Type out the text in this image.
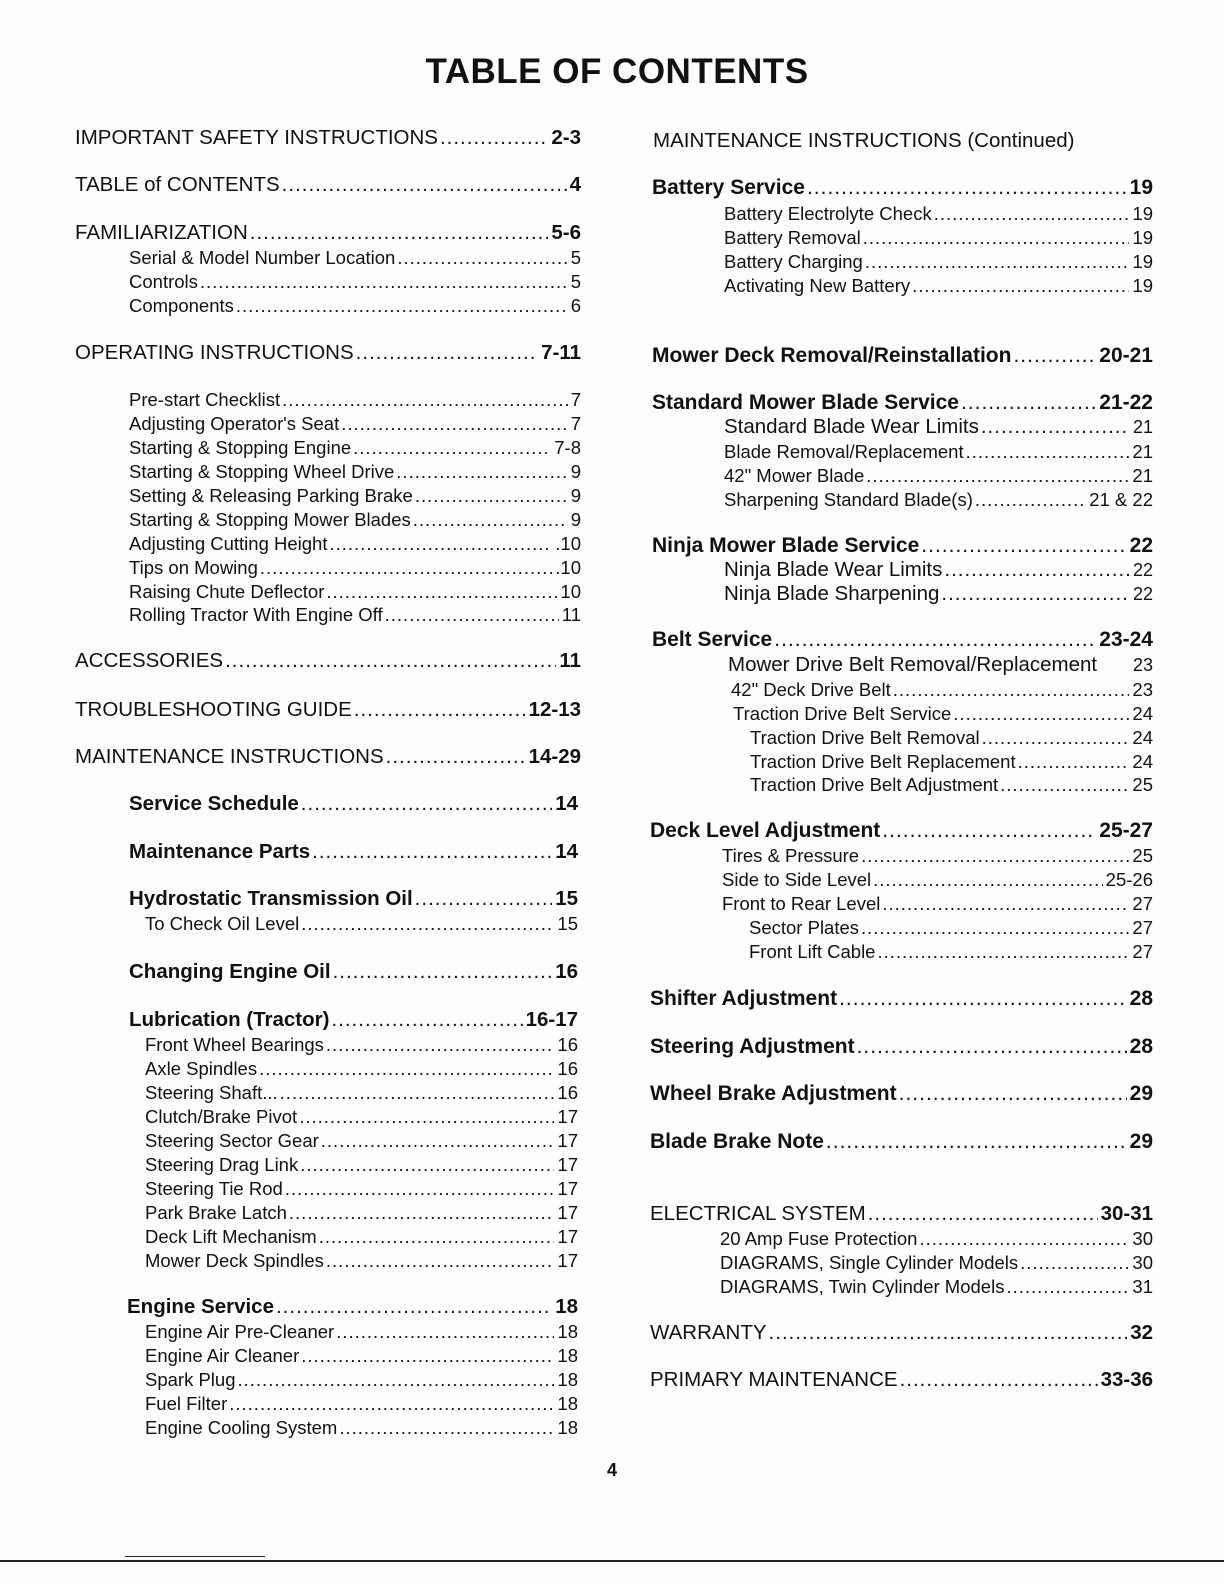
TABLE OF CONTENTS
IMPORTANT SAFETY INSTRUCTIONS .....	2-3
TABLE of CONTENTS .....	4
FAMILIARIZATION .....	5-6
Serial & Model Number Location .....	5
Controls .....	5
Components .....	6
OPERATING INSTRUCTIONS .....	7-11
Pre-start Checklist .....	7
Adjusting Operator's Seat .....	7
Starting & Stopping Engine .....	7-8
Starting & Stopping Wheel Drive .....	9
Setting & Releasing Parking Brake .....	9
Starting & Stopping Mower Blades .....	9
Adjusting Cutting Height .....	.10
Tips on Mowing .....	.10
Raising Chute Deflector .....	10
Rolling Tractor With Engine Off .....	11
ACCESSORIES .....	11
TROUBLESHOOTING GUIDE .....	12-13
MAINTENANCE INSTRUCTIONS .....	14-29
Service Schedule .....	14
Maintenance Parts .....	14
Hydrostatic Transmission Oil .....	15
To Check Oil Level .....	15
Changing Engine Oil .....	16
Lubrication (Tractor) .....	16-17
Front Wheel Bearings .....	16
Axle Spindles .....	16
Steering Shaft... .....	16
Clutch/Brake Pivot .....	17
Steering Sector Gear .....	17
Steering Drag Link .....	17
Steering Tie Rod .....	17
Park Brake Latch .....	17
Deck Lift Mechanism .....	17
Mower Deck Spindles .....	17
Engine Service .....	18
Engine Air Pre-Cleaner .....	18
Engine Air Cleaner .....	18
Spark Plug .....	18
Fuel Filter .....	18
Engine Cooling System .....	18
MAINTENANCE INSTRUCTIONS (Continued)
Battery Service .....	19
Battery Electrolyte Check .....	19
Battery Removal .....	19
Battery Charging .....	19
Activating New Battery .....	19
Mower Deck Removal/Reinstallation .....	20-21
Standard Mower Blade Service .....	21-22
Standard Blade Wear Limits .....	21
Blade Removal/Replacement .....	21
42" Mower Blade .....	21
Sharpening Standard Blade(s) .....	21 & 22
Ninja Mower Blade Service .....	22
Ninja Blade Wear Limits .....	22
Ninja Blade Sharpening .....	22
Belt Service .....	23-24
Mower Drive Belt Removal/Replacement 23
42" Deck Drive Belt .....	23
Traction Drive Belt Service .....	24
Traction Drive Belt Removal .....	24
Traction Drive Belt Replacement .....	24
Traction Drive Belt Adjustment .....	25
Deck Level Adjustment .....	25-27
Tires & Pressure .....	25
Side to Side Level .....	25-26
Front to Rear Level .....	27
Sector Plates .....	27
Front Lift Cable .....	27
Shifter Adjustment .....	28
Steering Adjustment .....	28
Wheel Brake Adjustment .....	29
Blade Brake Note .....	29
ELECTRICAL SYSTEM .....	30-31
20 Amp Fuse Protection .....	30
DIAGRAMS, Single Cylinder Models .....	30
DIAGRAMS, Twin Cylinder Models .....	31
WARRANTY .....	32
PRIMARY MAINTENANCE .....	33-36
4
